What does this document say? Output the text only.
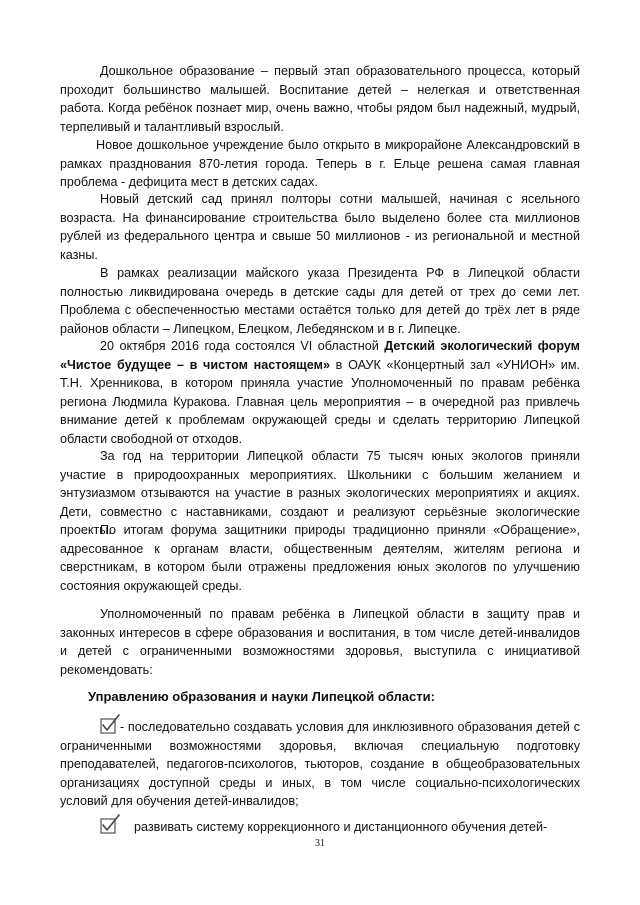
Дошкольное образование – первый этап образовательного процесса, который проходит большинство малышей. Воспитание детей – нелегкая и ответственная работа. Когда ребёнок познает мир, очень важно, чтобы рядом был надежный, мудрый, терпеливый и талантливый взрослый.

Новое дошкольное учреждение было открыто в микрорайоне Александровский в рамках празднования 870-летия города. Теперь в г. Ельце решена самая главная проблема - дефицита мест в детских садах.

Новый детский сад принял полторы сотни малышей, начиная с ясельного возраста. На финансирование строительства было выделено более ста миллионов рублей из федерального центра и свыше 50 миллионов - из региональной и местной казны.

В рамках реализации майского указа Президента РФ в Липецкой области полностью ликвидирована очередь в детские сады для детей от трех до семи лет. Проблема с обеспеченностью местами остаётся только для детей до трёх лет в ряде районов области – Липецком, Елецком, Лебедянском и в г. Липецке.

20 октября 2016 года состоялся VI областной Детский экологический форум «Чистое будущее – в чистом настоящем» в ОАУК «Концертный зал «УНИОН» им. Т.Н. Хренникова, в котором приняла участие Уполномоченный по правам ребёнка региона Людмила Куракова. Главная цель мероприятия – в очередной раз привлечь внимание детей к проблемам окружающей среды и сделать территорию Липецкой области свободной от отходов.

За год на территории Липецкой области 75 тысяч юных экологов приняли участие в природоохранных мероприятиях. Школьники с большим желанием и энтузиазмом отзываются на участие в разных экологических мероприятиях и акциях. Дети, совместно с наставниками, создают и реализуют серьёзные экологические проекты.

По итогам форума защитники природы традиционно приняли «Обращение», адресованное к органам власти, общественным деятелям, жителям региона и сверстникам, в котором были отражены предложения юных экологов по улучшению состояния окружающей среды.

Уполномоченный по правам ребёнка в Липецкой области в защиту прав и законных интересов в сфере образования и воспитания, в том числе детей-инвалидов и детей с ограниченными возможностями здоровья, выступила с инициативой рекомендовать:

Управлению образования и науки Липецкой области:

- последовательно создавать условия для инклюзивного образования детей с ограниченными возможностями здоровья, включая специальную подготовку преподавателей, педагогов-психологов, тьюторов, создание в общеобразовательных организациях доступной среды и иных, в том числе социально-психологических условий для обучения детей-инвалидов;

развивать систему коррекционного и дистанционного обучения детей-

31
